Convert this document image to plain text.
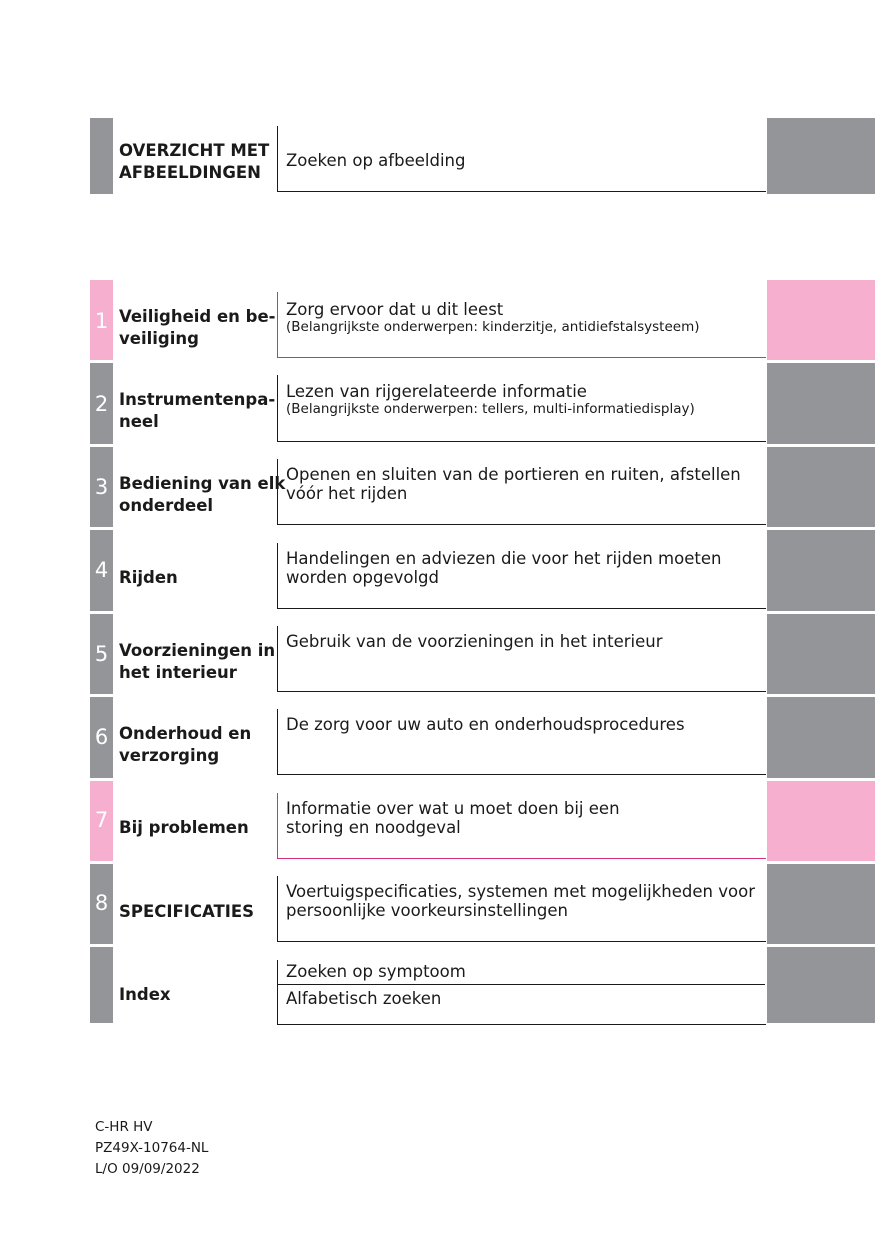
OVERZICHT MET
AFBEELDINGEN
Zoeken op afbeelding
1 Veiligheid en be-
veiliging
Zorg ervoor dat u dit leest
(Belangrijkste onderwerpen: kinderzitje, antidiefstalsysteem)
2 Instrumentenpa-
neel
Lezen van rijgerelateerde informatie
(Belangrijkste onderwerpen: tellers, multi-informatiedisplay)
3 Bediening van elk
onderdeel
Openen en sluiten van de portieren en ruiten, afstellen
vóór het rijden
4 Rijden
Handelingen en adviezen die voor het rijden moeten
worden opgevolgd
5 Voorzieningen in
het interieur
Gebruik van de voorzieningen in het interieur
6 Onderhoud en
verzorging
De zorg voor uw auto en onderhoudsprocedures
7 Bij problemen
Informatie over wat u moet doen bij een
storing en noodgeval
8 SPECIFICATIES
Voertuigspecificaties, systemen met mogelijkheden voor
persoonlijke voorkeursinstellingen
Index
Zoeken op symptoom
Alfabetisch zoeken
C-HR HV
PZ49X-10764-NL
L/O 09/09/2022
